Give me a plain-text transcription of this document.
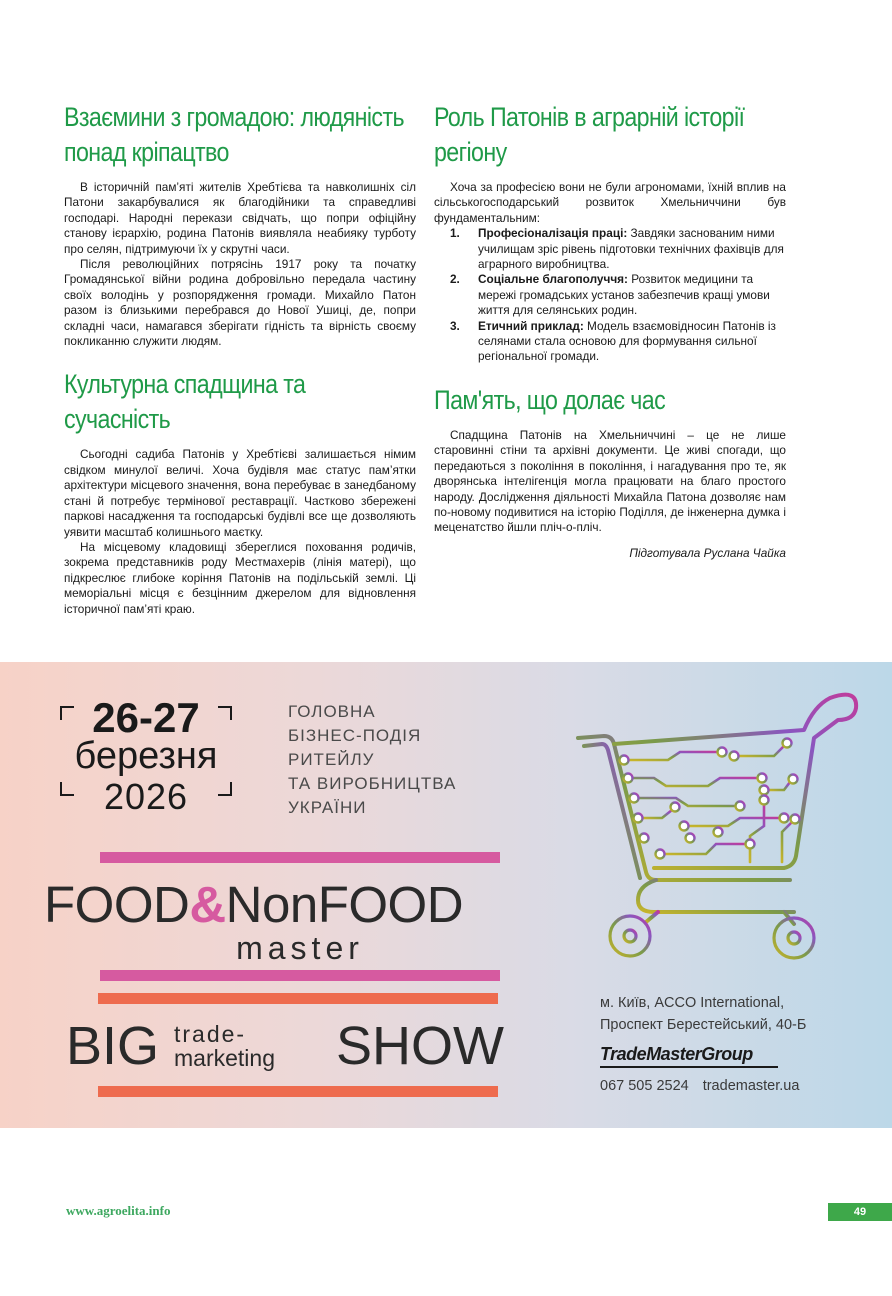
Взаємини з громадою: людяність понад кріпацтво

В історичній пам’яті жителів Хребтієва та навколишніх сіл Патони закарбувалися як благодійники та справедливі господарі. Народні перекази свідчать, що попри офіційну станову ієрархію, родина Патонів виявляла неабияку турботу про селян, підтримуючи їх у скрутні часи.

Після революційних потрясінь 1917 року та початку Громадянської війни родина добровільно передала частину своїх володінь у розпорядження громади. Михайло Патон разом із близькими перебрався до Нової Ушиці, де, попри складні часи, намагався зберігати гідність та вірність своєму покликанню служити людям.

Культурна спадщина та сучасність

Сьогодні садиба Патонів у Хребтієві залишається німим свідком минулої величі. Хоча будівля має статус пам’ятки архітектури місцевого значення, вона перебуває в занедбаному стані й потребує термінової реставрації. Частково збережені паркові насадження та господарські будівлі все ще дозволяють уявити масштаб колишнього маєтку.

На місцевому кладовищі збереглися поховання родичів, зокрема представників роду Местмахерів (лінія матері), що підкреслює глибоке коріння Патонів на подільській землі. Ці меморіальні місця є безцінним джерелом для відновлення історичної пам’яті краю.

Роль Патонів в аграрній історії регіону

Хоча за професією вони не були агрономами, їхній вплив на сільськогосподарський розвиток Хмельниччини був фундаментальним:

1. Професіоналізація праці: Завдяки заснованим ними училищам зріс рівень підготовки технічних фахівців для аграрного виробництва.
2. Соціальне благополуччя: Розвиток медицини та мережі громадських установ забезпечив кращі умови життя для селянських родин.
3. Етичний приклад: Модель взаємовідносин Патонів із селянами стала основою для формування сильної регіональної громади.
Пам'ять, що долає час

Спадщина Патонів на Хмельниччині – це не лише старовинні стіни та архівні документи. Це живі спогади, що передаються з покоління в покоління, і нагадування про те, як дворянська інтелігенція могла працювати на благо простого народу. Дослідження діяльності Михайла Патона дозволяє нам по-новому подивитися на історію Поділля, де інженерна думка і меценатство йшли пліч-о-пліч.

Підготувала Руслана Чайка
26-27
березня
2026
ГОЛОВНА
БІЗНЕС-ПОДІЯ
РИТЕЙЛУ
ТА ВИРОБНИЦТВА
УКРАЇНИ
FOOD&NonFOOD
master
BIG trade-
marketing SHOW
м. Київ, ACCO International,
Проспект Берестейський, 40-Б
TradeMasterGroup
067 505 2524 trademaster.ua
www.agroelita.info	49
